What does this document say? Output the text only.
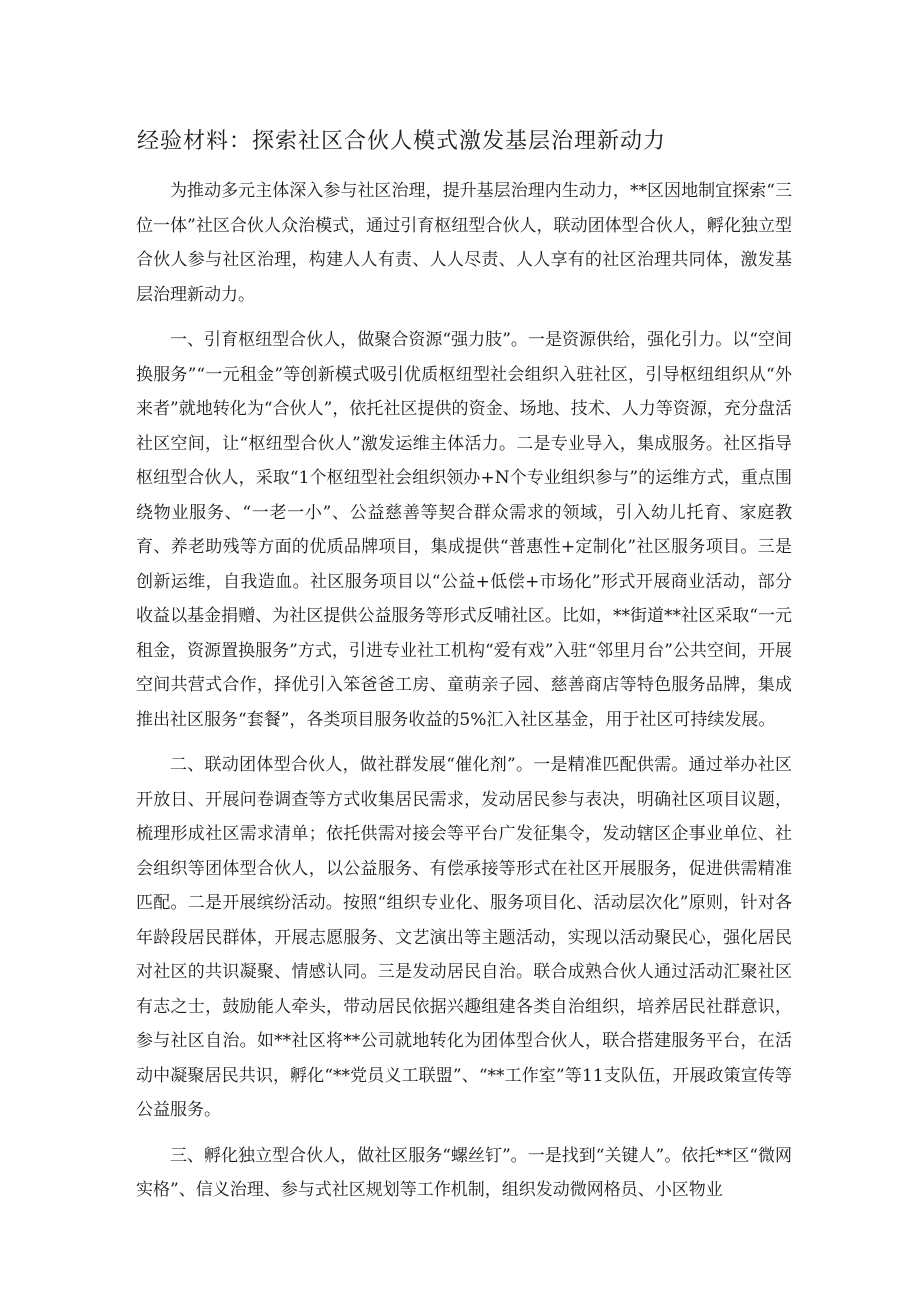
经验材料：探索社区合伙人模式激发基层治理新动力

为推动多元主体深入参与社区治理，提升基层治理内生动力，**区因地制宜探索“三位一体”社区合伙人众治模式，通过引育枢纽型合伙人，联动团体型合伙人，孵化独立型合伙人参与社区治理，构建人人有责、人人尽责、人人享有的社区治理共同体，激发基层治理新动力。

一、引育枢纽型合伙人，做聚合资源“强力肢”。一是资源供给，强化引力。以“空间换服务”“一元租金”等创新模式吸引优质枢纽型社会组织入驻社区，引导枢纽组织从“外来者”就地转化为“合伙人”，依托社区提供的资金、场地、技术、人力等资源，充分盘活社区空间，让“枢纽型合伙人”激发运维主体活力。二是专业导入，集成服务。社区指导枢纽型合伙人，采取“1个枢纽型社会组织领办+N个专业组织参与”的运维方式，重点围绕物业服务、“一老一小”、公益慈善等契合群众需求的领域，引入幼儿托育、家庭教育、养老助残等方面的优质品牌项目，集成提供“普惠性+定制化”社区服务项目。三是创新运维，自我造血。社区服务项目以“公益+低偿+市场化”形式开展商业活动，部分收益以基金捐赠、为社区提供公益服务等形式反哺社区。比如，**街道**社区采取“一元租金，资源置换服务”方式，引进专业社工机构“爱有戏”入驻“邻里月台”公共空间，开展空间共营式合作，择优引入笨爸爸工房、童萌亲子园、慈善商店等特色服务品牌，集成推出社区服务“套餐”，各类项目服务收益的5%汇入社区基金，用于社区可持续发展。

二、联动团体型合伙人，做社群发展“催化剂”。一是精准匹配供需。通过举办社区开放日、开展问卷调查等方式收集居民需求，发动居民参与表决，明确社区项目议题，梳理形成社区需求清单；依托供需对接会等平台广发征集令，发动辖区企事业单位、社会组织等团体型合伙人，以公益服务、有偿承接等形式在社区开展服务，促进供需精准匹配。二是开展缤纷活动。按照“组织专业化、服务项目化、活动层次化”原则，针对各年龄段居民群体，开展志愿服务、文艺演出等主题活动，实现以活动聚民心，强化居民对社区的共识凝聚、情感认同。三是发动居民自治。联合成熟合伙人通过活动汇聚社区有志之士，鼓励能人牵头，带动居民依据兴趣组建各类自治组织，培养居民社群意识，参与社区自治。如**社区将**公司就地转化为团体型合伙人，联合搭建服务平台，在活动中凝聚居民共识，孵化“**党员义工联盟”、“**工作室”等11支队伍，开展政策宣传等公益服务。

三、孵化独立型合伙人，做社区服务“螺丝钉”。一是找到“关键人”。依托**区“微网实格”、信义治理、参与式社区规划等工作机制，组织发动微网格员、小区物业
